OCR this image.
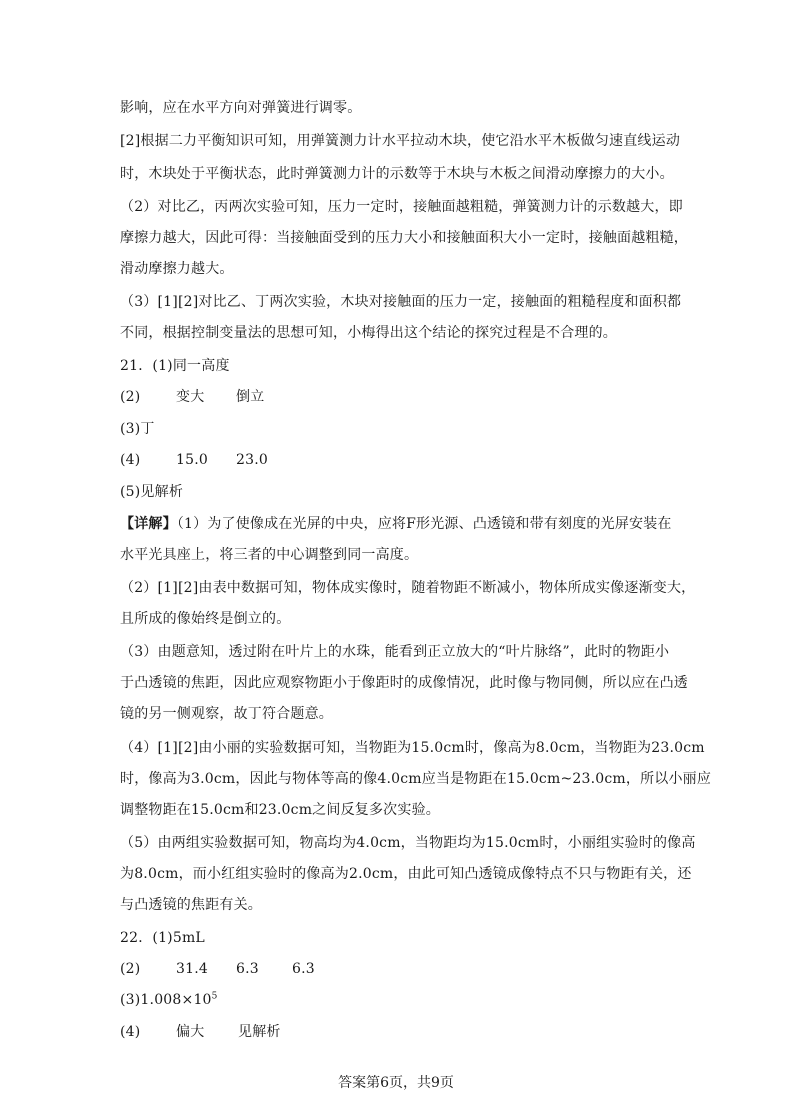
影响，应在水平方向对弹簧进行调零。
[2]根据二力平衡知识可知，用弹簧测力计水平拉动木块，使它沿水平木板做匀速直线运动
时，木块处于平衡状态，此时弹簧测力计的示数等于木块与木板之间滑动摩擦力的大小。
（2）对比乙，丙两次实验可知，压力一定时，接触面越粗糙，弹簧测力计的示数越大，即
摩擦力越大，因此可得：当接触面受到的压力大小和接触面积大小一定时，接触面越粗糙，
滑动摩擦力越大。
（3）[1][2]对比乙、丁两次实验，木块对接触面的压力一定，接触面的粗糙程度和面积都
不同，根据控制变量法的思想可知，小梅得出这个结论的探究过程是不合理的。
21．(1)同一高度
(2)	变大 倒立
(3)丁
(4)	15.0 23.0
(5)见解析
【详解】（1）为了使像成在光屏的中央，应将F形光源、凸透镜和带有刻度的光屏安装在
水平光具座上，将三者的中心调整到同一高度。
（2）[1][2]由表中数据可知，物体成实像时，随着物距不断减小，物体所成实像逐渐变大，
且所成的像始终是倒立的。
（3）由题意知，透过附在叶片上的水珠，能看到正立放大的“叶片脉络”，此时的物距小
于凸透镜的焦距，因此应观察物距小于像距时的成像情况，此时像与物同侧，所以应在凸透
镜的另一侧观察，故丁符合题意。
（4）[1][2]由小丽的实验数据可知，当物距为15.0cm时，像高为8.0cm，当物距为23.0cm
时，像高为3.0cm，因此与物体等高的像4.0cm应当是物距在15.0cm~23.0cm，所以小丽应
调整物距在15.0cm和23.0cm之间反复多次实验。
（5）由两组实验数据可知，物高均为4.0cm，当物距均为15.0cm时，小丽组实验时的像高
为8.0cm，而小红组实验时的像高为2.0cm，由此可知凸透镜成像特点不只与物距有关，还
与凸透镜的焦距有关。
22．(1)5mL
(2)	31.4 6.3 6.3
$(3)1.008\times 10^5$
(4)	偏大 见解析
答案第6页，共9页
